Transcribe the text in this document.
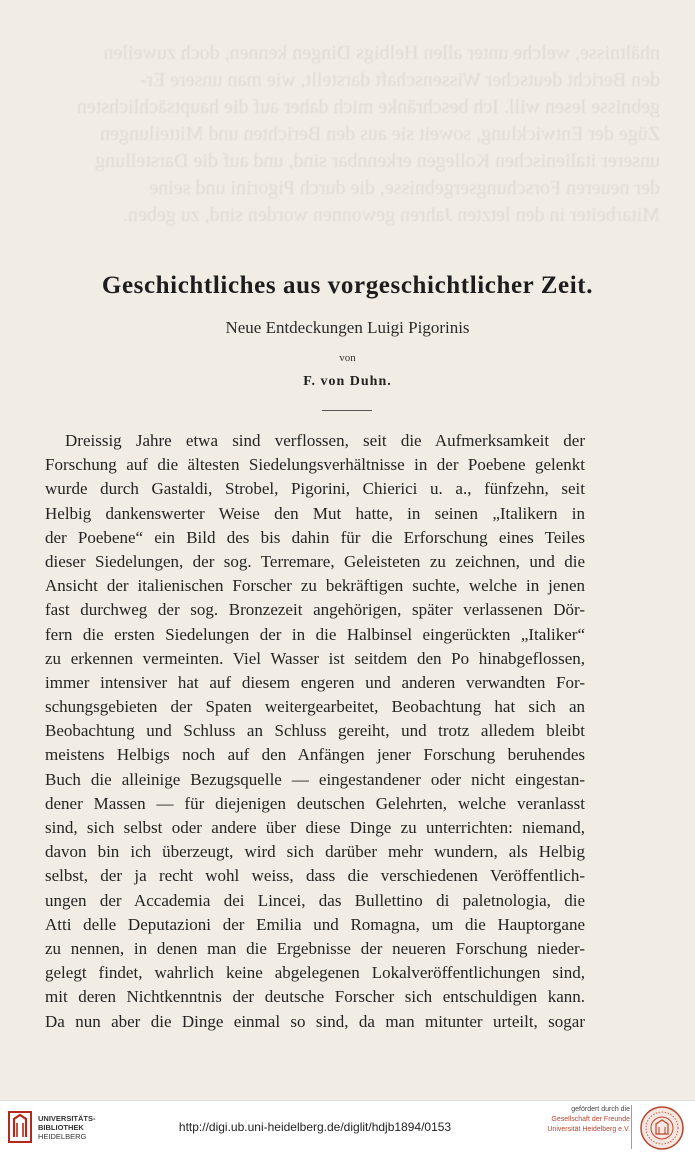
nhältnisse, welche unter allen Helbigs Dingen kennen, doch zuweilen
den Bericht deutscher Wissenschaft darstellt, wie man unsere Er-
gebnisse lesen will. Ich beschränke mich daher auf die hauptsächlichsten
Züge der Entwicklung, soweit sie aus den Berichten und Mitteilungen
unserer italienischen Kollegen erkennbar sind, und auf die Darstellung
der neueren Forschungsergebnisse, die durch Pigorini und seine
Mitarbeiter in den letzten Jahren gewonnen worden sind, zu geben.
Geschichtliches aus vorgeschichtlicher Zeit.
Neue Entdeckungen Luigi Pigorinis
von
F. von Duhn.
Dreissig Jahre etwa sind verflossen, seit die Aufmerksamkeit der
Forschung auf die ältesten Siedelungsverhältnisse in der Poebene gelenkt
wurde durch Gastaldi, Strobel, Pigorini, Chierici u. a., fünfzehn, seit
Helbig dankenswerter Weise den Mut hatte, in seinen „Italikern in
der Poebene“ ein Bild des bis dahin für die Erforschung eines Teiles
dieser Siedelungen, der sog. Terremare, Geleisteten zu zeichnen, und die
Ansicht der italienischen Forscher zu bekräftigen suchte, welche in jenen
fast durchweg der sog. Bronzezeit angehörigen, später verlassenen Dör-
fern die ersten Siedelungen der in die Halbinsel eingerückten „Italiker“
zu erkennen vermeinten. Viel Wasser ist seitdem den Po hinabgeflossen,
immer intensiver hat auf diesem engeren und anderen verwandten For-
schungsgebieten der Spaten weitergearbeitet, Beobachtung hat sich an
Beobachtung und Schluss an Schluss gereiht, und trotz alledem bleibt
meistens Helbigs noch auf den Anfängen jener Forschung beruhendes
Buch die alleinige Bezugsquelle — eingestandener oder nicht eingestan-
dener Massen — für diejenigen deutschen Gelehrten, welche veranlasst
sind, sich selbst oder andere über diese Dinge zu unterrichten: niemand,
davon bin ich überzeugt, wird sich darüber mehr wundern, als Helbig
selbst, der ja recht wohl weiss, dass die verschiedenen Veröffentlich-
ungen der Accademia dei Lincei, das Bullettino di paletnologia, die
Atti delle Deputazioni der Emilia und Romagna, um die Hauptorgane
zu nennen, in denen man die Ergebnisse der neueren Forschung nieder-
gelegt findet, wahrlich keine abgelegenen Lokalveröffentlichungen sind,
mit deren Nichtkenntnis der deutsche Forscher sich entschuldigen kann.
Da nun aber die Dinge einmal so sind, da man mitunter urteilt, sogar
UNIVERSITÄTS-
BIBLIOTHEK
HEIDELBERG
http://digi.ub.uni-heidelberg.de/diglit/hdjb1894/0153
gefördert durch die
Gesellschaft der Freunde
Universität Heidelberg e.V.
